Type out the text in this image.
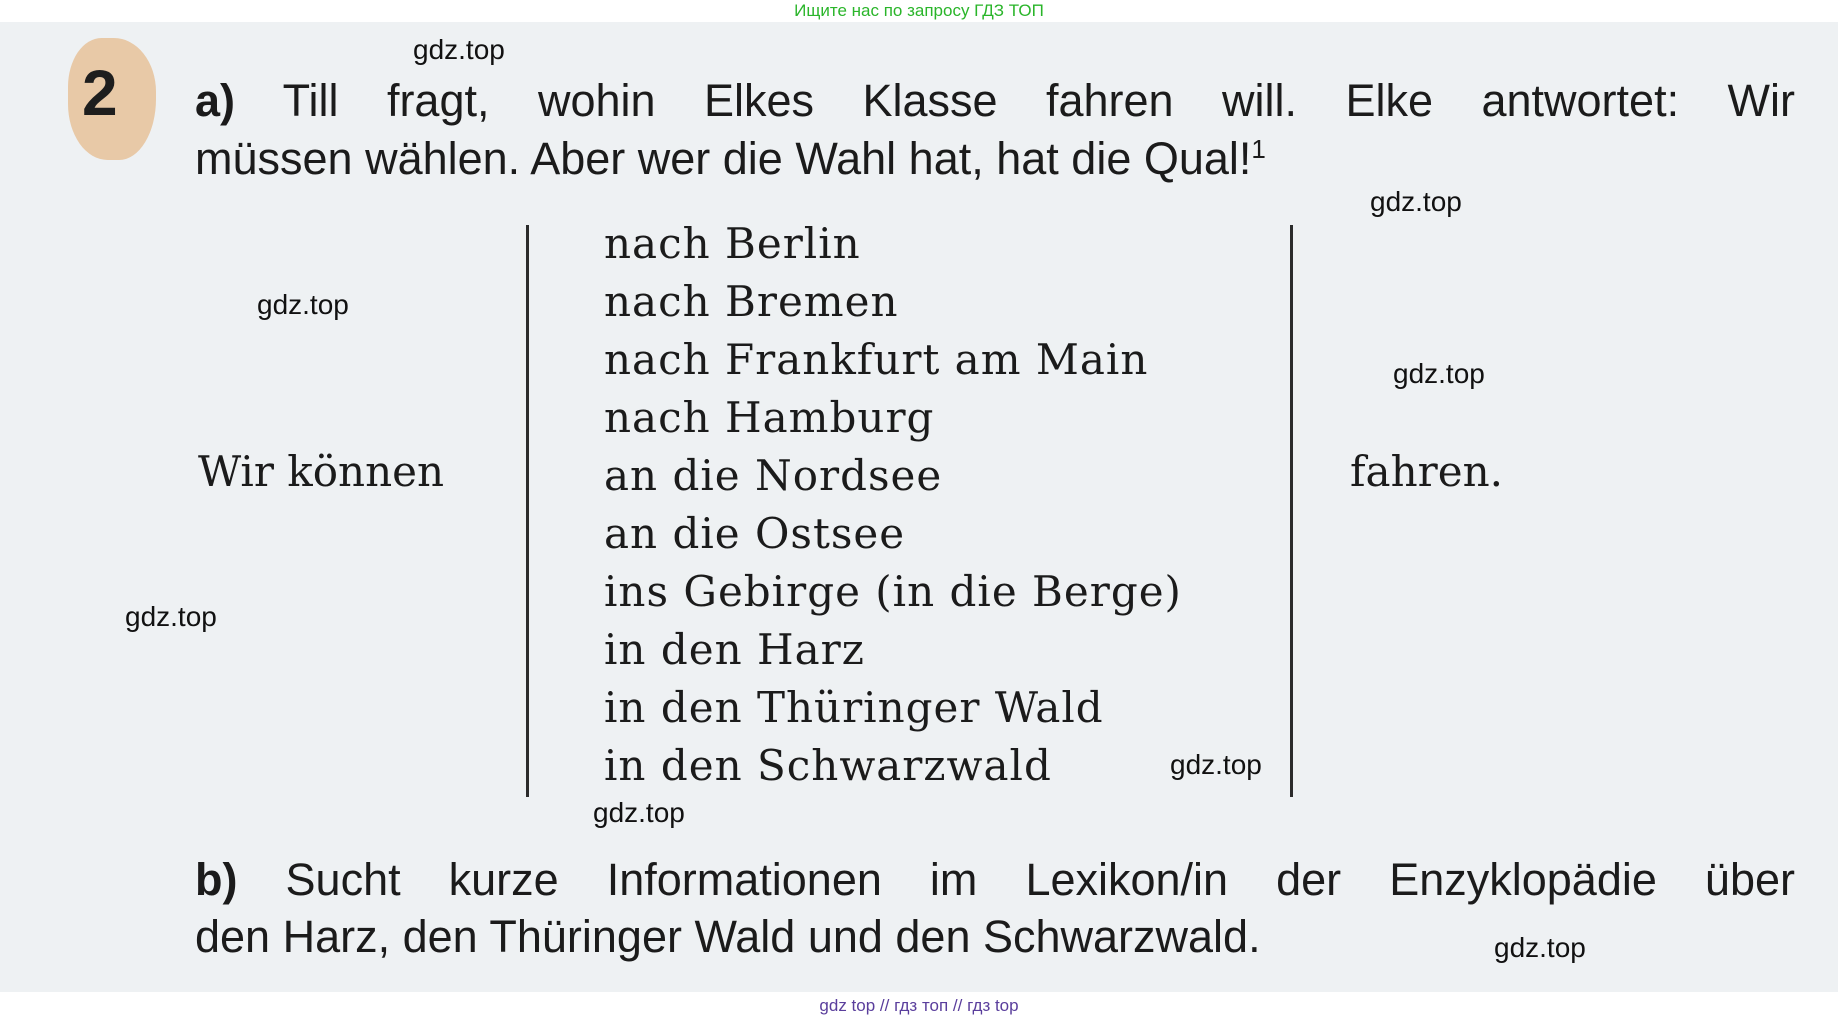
Ищите нас по запросу ГДЗ ТОП
2 a) Till fragt, wohin Elkes Klasse fahren will. Elke antwortet: Wir
müssen wählen. Aber wer die Wahl hat, hat die Qual!$^1$
Wir können
nach Berlin
nach Bremen
nach Frankfurt am Main
nach Hamburg
an die Nordsee
an die Ostsee
ins Gebirge (in die Berge)
in den Harz
in den Thüringer Wald
in den Schwarzwald
fahren.
b) Sucht kurze Informationen im Lexikon/in der Enzyklopädie über
den Harz, den Thüringer Wald und den Schwarzwald.
gdz.top
gdz.top
gdz.top
gdz.top
gdz.top
gdz.top
gdz.top
gdz.top
gdz top // гдз топ // гдз top
